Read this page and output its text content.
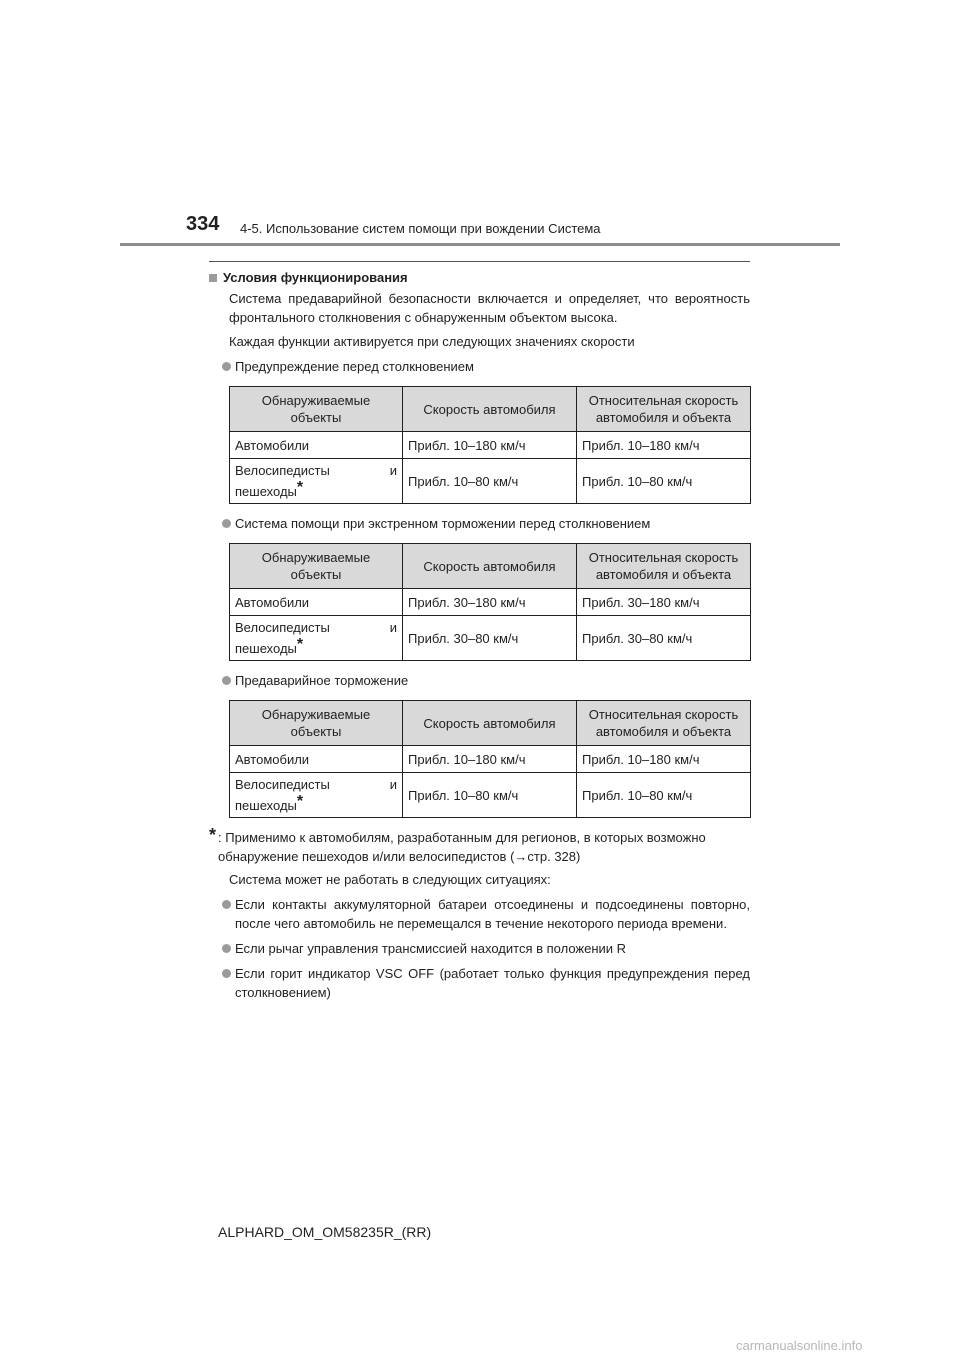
334 4-5. Использование систем помощи при вождении Система
Условия функционирования

Система предаварийной безопасности включается и определяет, что вероятность фронтального столкновения с обнаруженным объектом высока.

Каждая функции активируется при следующих значениях скорости

Предупреждение перед столкновением
Обнаруживаемые объекты	Скорость автомобиля	Относительная скорость автомобиля и объекта
Автомобили	Прибл. 10–180 км/ч	Прибл. 10–180 км/ч

Велосипедисты и
пешеходы*	Прибл. 10–80 км/ч	Прибл. 10–80 км/ч
Система помощи при экстренном торможении перед столкновением
Обнаруживаемые объекты	Скорость автомобиля	Относительная скорость автомобиля и объекта
Автомобили	Прибл. 30–180 км/ч	Прибл. 30–180 км/ч

Велосипедисты и
пешеходы*	Прибл. 30–80 км/ч	Прибл. 30–80 км/ч
Предаварийное торможение
Обнаруживаемые объекты	Скорость автомобиля	Относительная скорость автомобиля и объекта
Автомобили	Прибл. 10–180 км/ч	Прибл. 10–180 км/ч

Велосипедисты и
пешеходы*	Прибл. 10–80 км/ч	Прибл. 10–80 км/ч
* : Применимо к автомобилям, разработанным для регионов, в которых возможно обнаружение пешеходов и/или велосипедистов (→стр. 328)

Система может не работать в следующих ситуациях:

Если контакты аккумуляторной батареи отсоединены и подсоединены повторно, после чего автомобиль не перемещался в течение некоторого периода времени.
Если рычаг управления трансмиссией находится в положении R
Если горит индикатор VSC OFF (работает только функция предупреждения перед столкновением)
ALPHARD_OM_OM58235R_(RR)
carmanualsonline.info
